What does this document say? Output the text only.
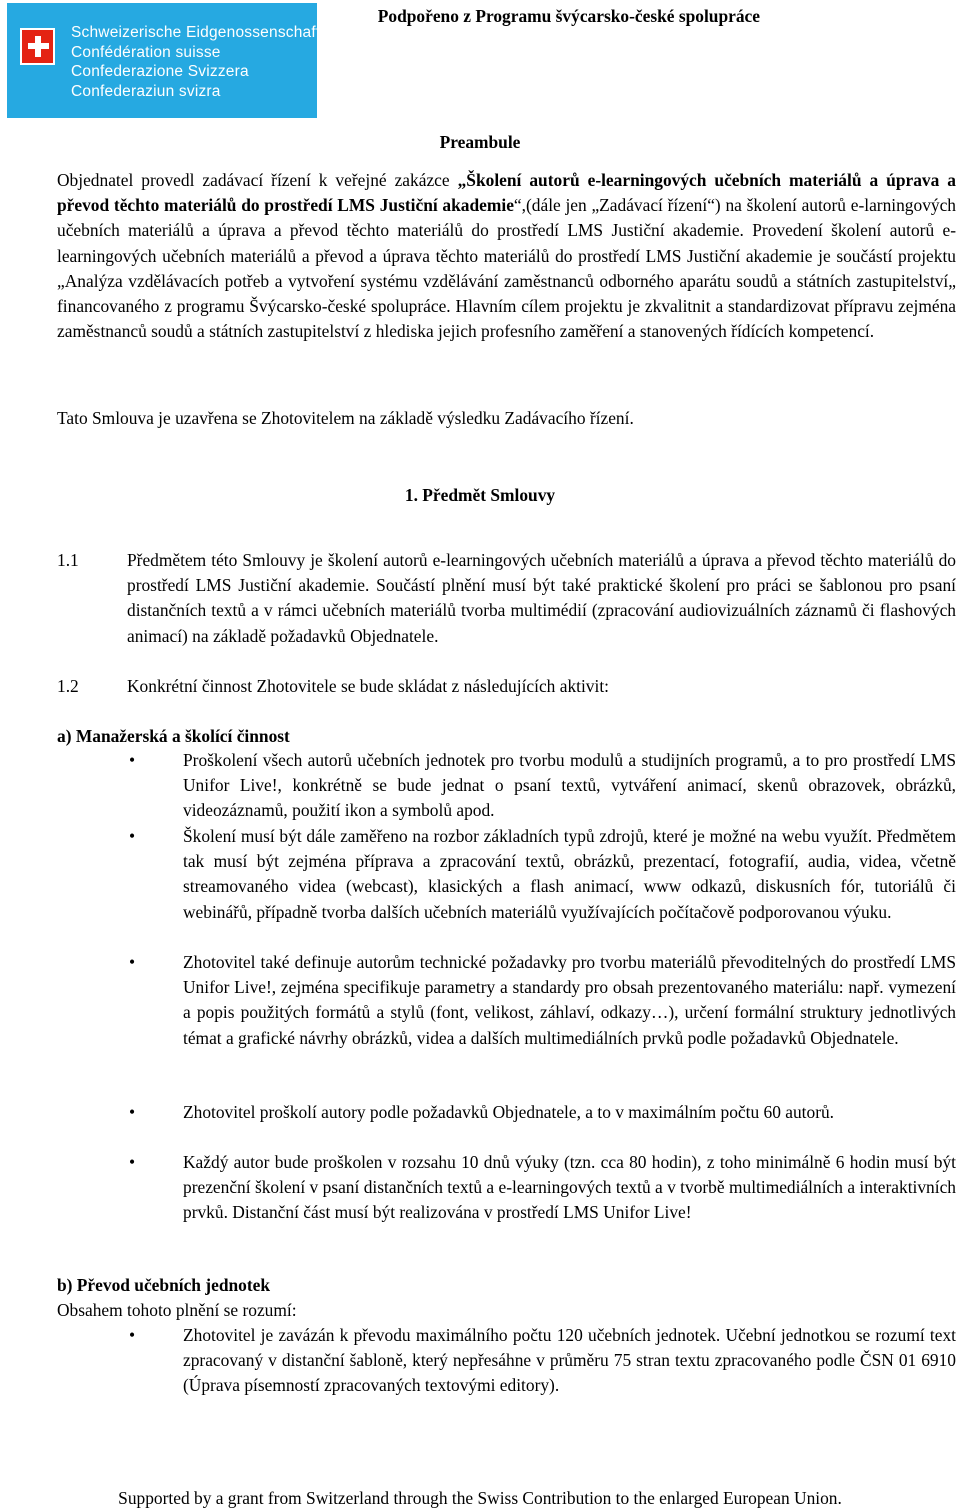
Schweizerische Eidgenossenschaft
Confédération suisse
Confederazione Svizzera
Confederaziun svizra
Podpořeno z Programu švýcarsko-české spolupráce
Preambule
Objednatel provedl zadávací řízení k veřejné zakázce „Školení autorů e-learningových učebních materiálů a úprava a převod těchto materiálů do prostředí LMS Justiční akademie“,(dále jen „Zadávací řízení“) na školení autorů e-larningových učebních materiálů a úprava a převod těchto materiálů do prostředí LMS Justiční akademie. Provedení školení autorů e-learningových učebních materiálů a převod a úprava těchto materiálů do prostředí LMS Justiční akademie je součástí projektu „Analýza vzdělávacích potřeb a vytvoření systému vzdělávání zaměstnanců odborného aparátu soudů a státních zastupitelství„ financovaného z programu Švýcarsko-české spolupráce. Hlavním cílem projektu je zkvalitnit a standardizovat přípravu zejména zaměstnanců soudů a státních zastupitelství z hlediska jejich profesního zaměření a stanovených řídících kompetencí.
Tato Smlouva je uzavřena se Zhotovitelem na základě výsledku Zadávacího řízení.
1. Předmět Smlouvy
1.1	Předmětem této Smlouvy je školení autorů e-learningových učebních materiálů a úprava a převod těchto materiálů do prostředí LMS Justiční akademie. Součástí plnění musí být také praktické školení pro práci se šablonou pro psaní distančních textů a v rámci učebních materiálů tvorba multimédií (zpracování audiovizuálních záznamů či flashových animací) na základě požadavků Objednatele.
1.2	Konkrétní činnost Zhotovitele se bude skládat z následujících aktivit:
a) Manažerská a školící činnost
•	Proškolení všech autorů učebních jednotek pro tvorbu modulů a studijních programů, a to pro prostředí LMS Unifor Live!, konkrétně se bude jednat o psaní textů, vytváření animací, skenů obrazovek, obrázků, videozáznamů, použití ikon a symbolů apod.
•	Školení musí být dále zaměřeno na rozbor základních typů zdrojů, které je možné na webu využít. Předmětem tak musí být zejména příprava a zpracování textů, obrázků, prezentací, fotografií, audia, videa, včetně streamovaného videa (webcast), klasických a flash animací, www odkazů, diskusních fór, tutoriálů či webinářů, případně tvorba dalších učebních materiálů využívajících počítačově podporovanou výuku.
•	Zhotovitel také definuje autorům technické požadavky pro tvorbu materiálů převoditelných do prostředí LMS Unifor Live!, zejména specifikuje parametry a standardy pro obsah prezentovaného materiálu: např. vymezení a popis použitých formátů a stylů (font, velikost, záhlaví, odkazy…), určení formální struktury jednotlivých témat a grafické návrhy obrázků, videa a dalších multimediálních prvků podle požadavků Objednatele.
•	Zhotovitel proškolí autory podle požadavků Objednatele, a to v maximálním počtu 60 autorů.
•	Každý autor bude proškolen v rozsahu 10 dnů výuky (tzn. cca 80 hodin), z toho minimálně 6 hodin musí být prezenční školení v psaní distančních textů a e-learningových textů a v tvorbě multimediálních a interaktivních prvků. Distanční část musí být realizována v prostředí LMS Unifor Live!
b) Převod učebních jednotek
Obsahem tohoto plnění se rozumí:
•	Zhotovitel je zavázán k převodu maximálního počtu 120 učebních jednotek. Učební jednotkou se rozumí text zpracovaný v distanční šabloně, který nepřesáhne v průměru 75 stran textu zpracovaného podle ČSN 01 6910 (Úprava písemností zpracovaných textovými editory).
Supported by a grant from Switzerland through the Swiss Contribution to the enlarged European Union.
